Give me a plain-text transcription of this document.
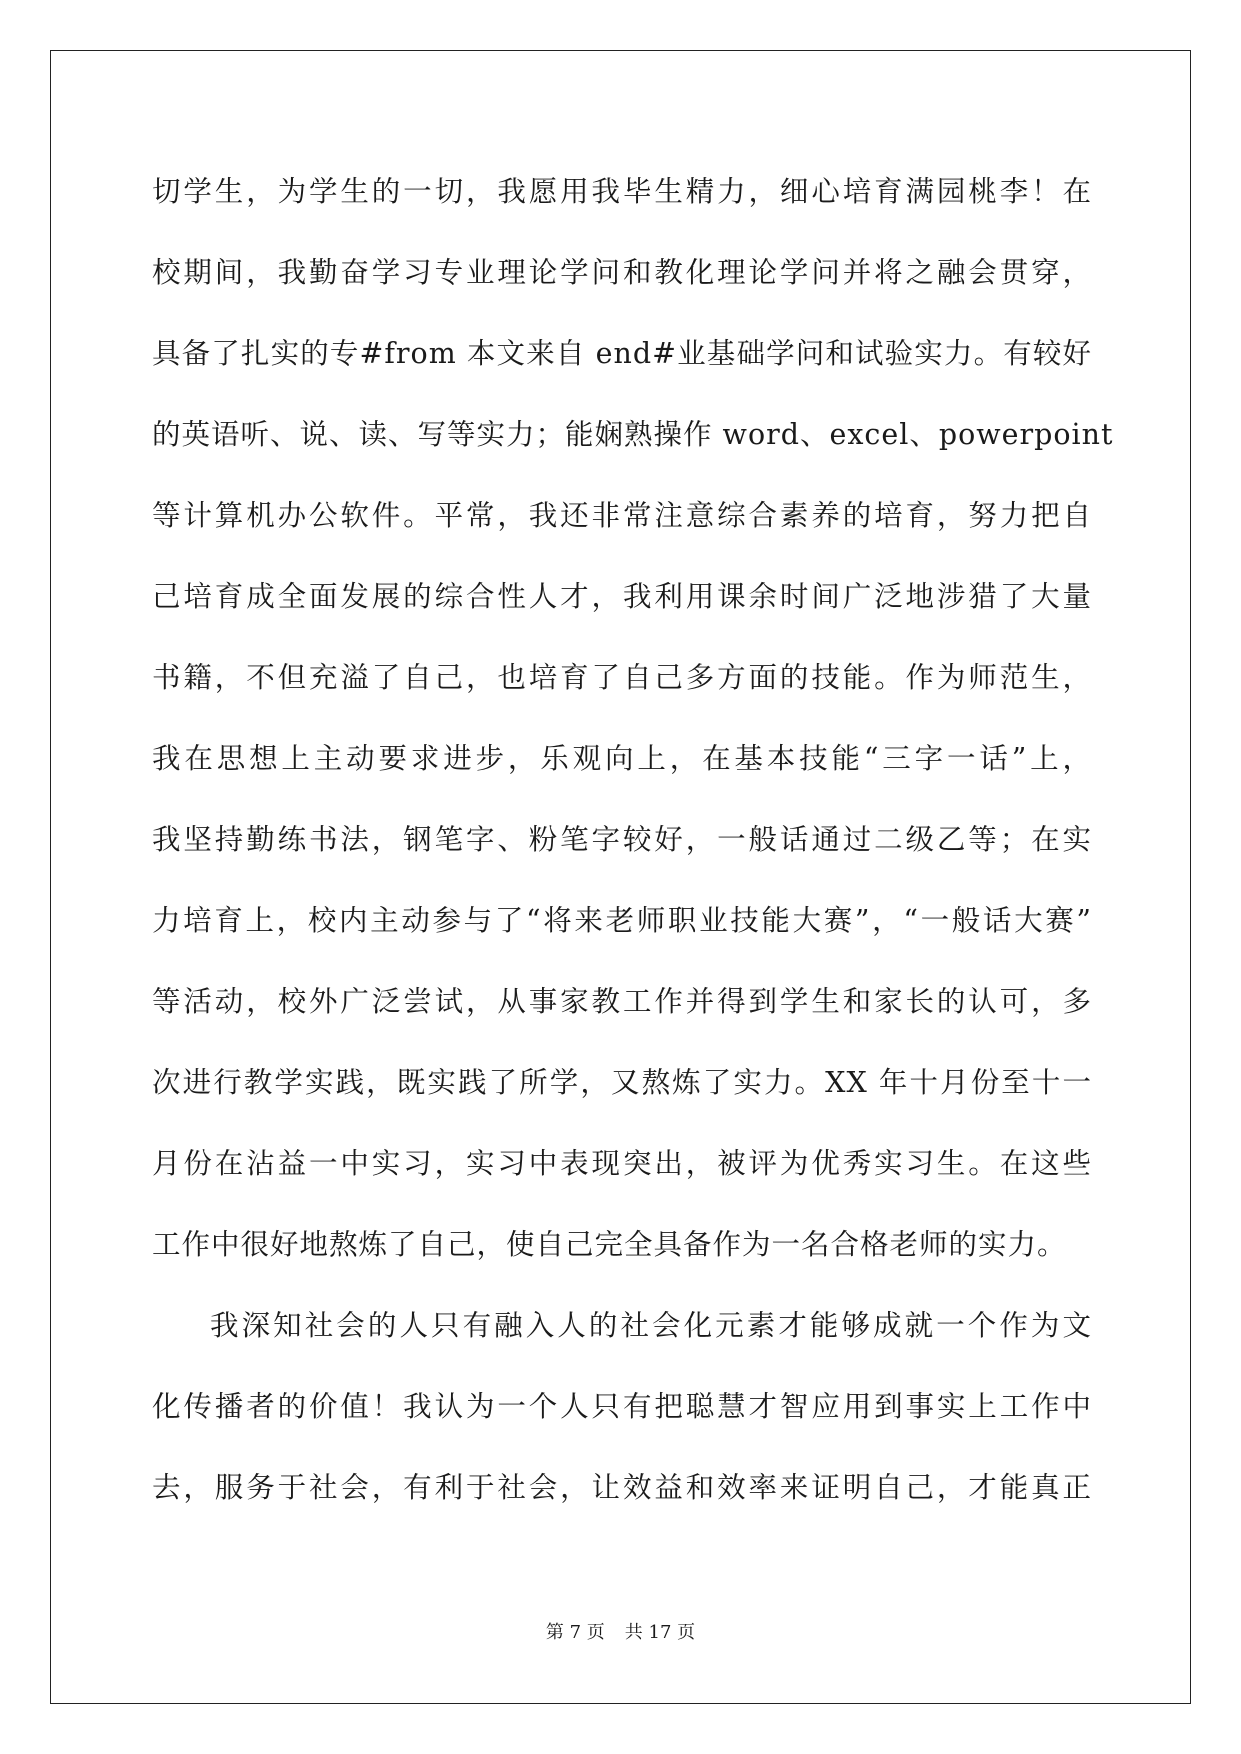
切学生，为学生的一切，我愿用我毕生精力，细心培育满园桃李！在
校期间，我勤奋学习专业理论学问和教化理论学问并将之融会贯穿，
具备了扎实的专#from 本文来自 end#业基础学问和试验实力。有较好
的英语听、说、读、写等实力；能娴熟操作 word、excel、powerpoint
等计算机办公软件。平常，我还非常注意综合素养的培育，努力把自
己培育成全面发展的综合性人才，我利用课余时间广泛地涉猎了大量
书籍，不但充溢了自己，也培育了自己多方面的技能。作为师范生，
我在思想上主动要求进步，乐观向上，在基本技能“三字一话”上，
我坚持勤练书法，钢笔字、粉笔字较好，一般话通过二级乙等；在实
力培育上，校内主动参与了“将来老师职业技能大赛”，“一般话大赛”
等活动，校外广泛尝试，从事家教工作并得到学生和家长的认可，多
次进行教学实践，既实践了所学，又熬炼了实力。XX 年十月份至十一
月份在沾益一中实习，实习中表现突出，被评为优秀实习生。在这些
工作中很好地熬炼了自己，使自己完全具备作为一名合格老师的实力。
我深知社会的人只有融入人的社会化元素才能够成就一个作为文
化传播者的价值！我认为一个人只有把聪慧才智应用到事实上工作中
去，服务于社会，有利于社会，让效益和效率来证明自己，才能真正
第 7 页 共 17 页
